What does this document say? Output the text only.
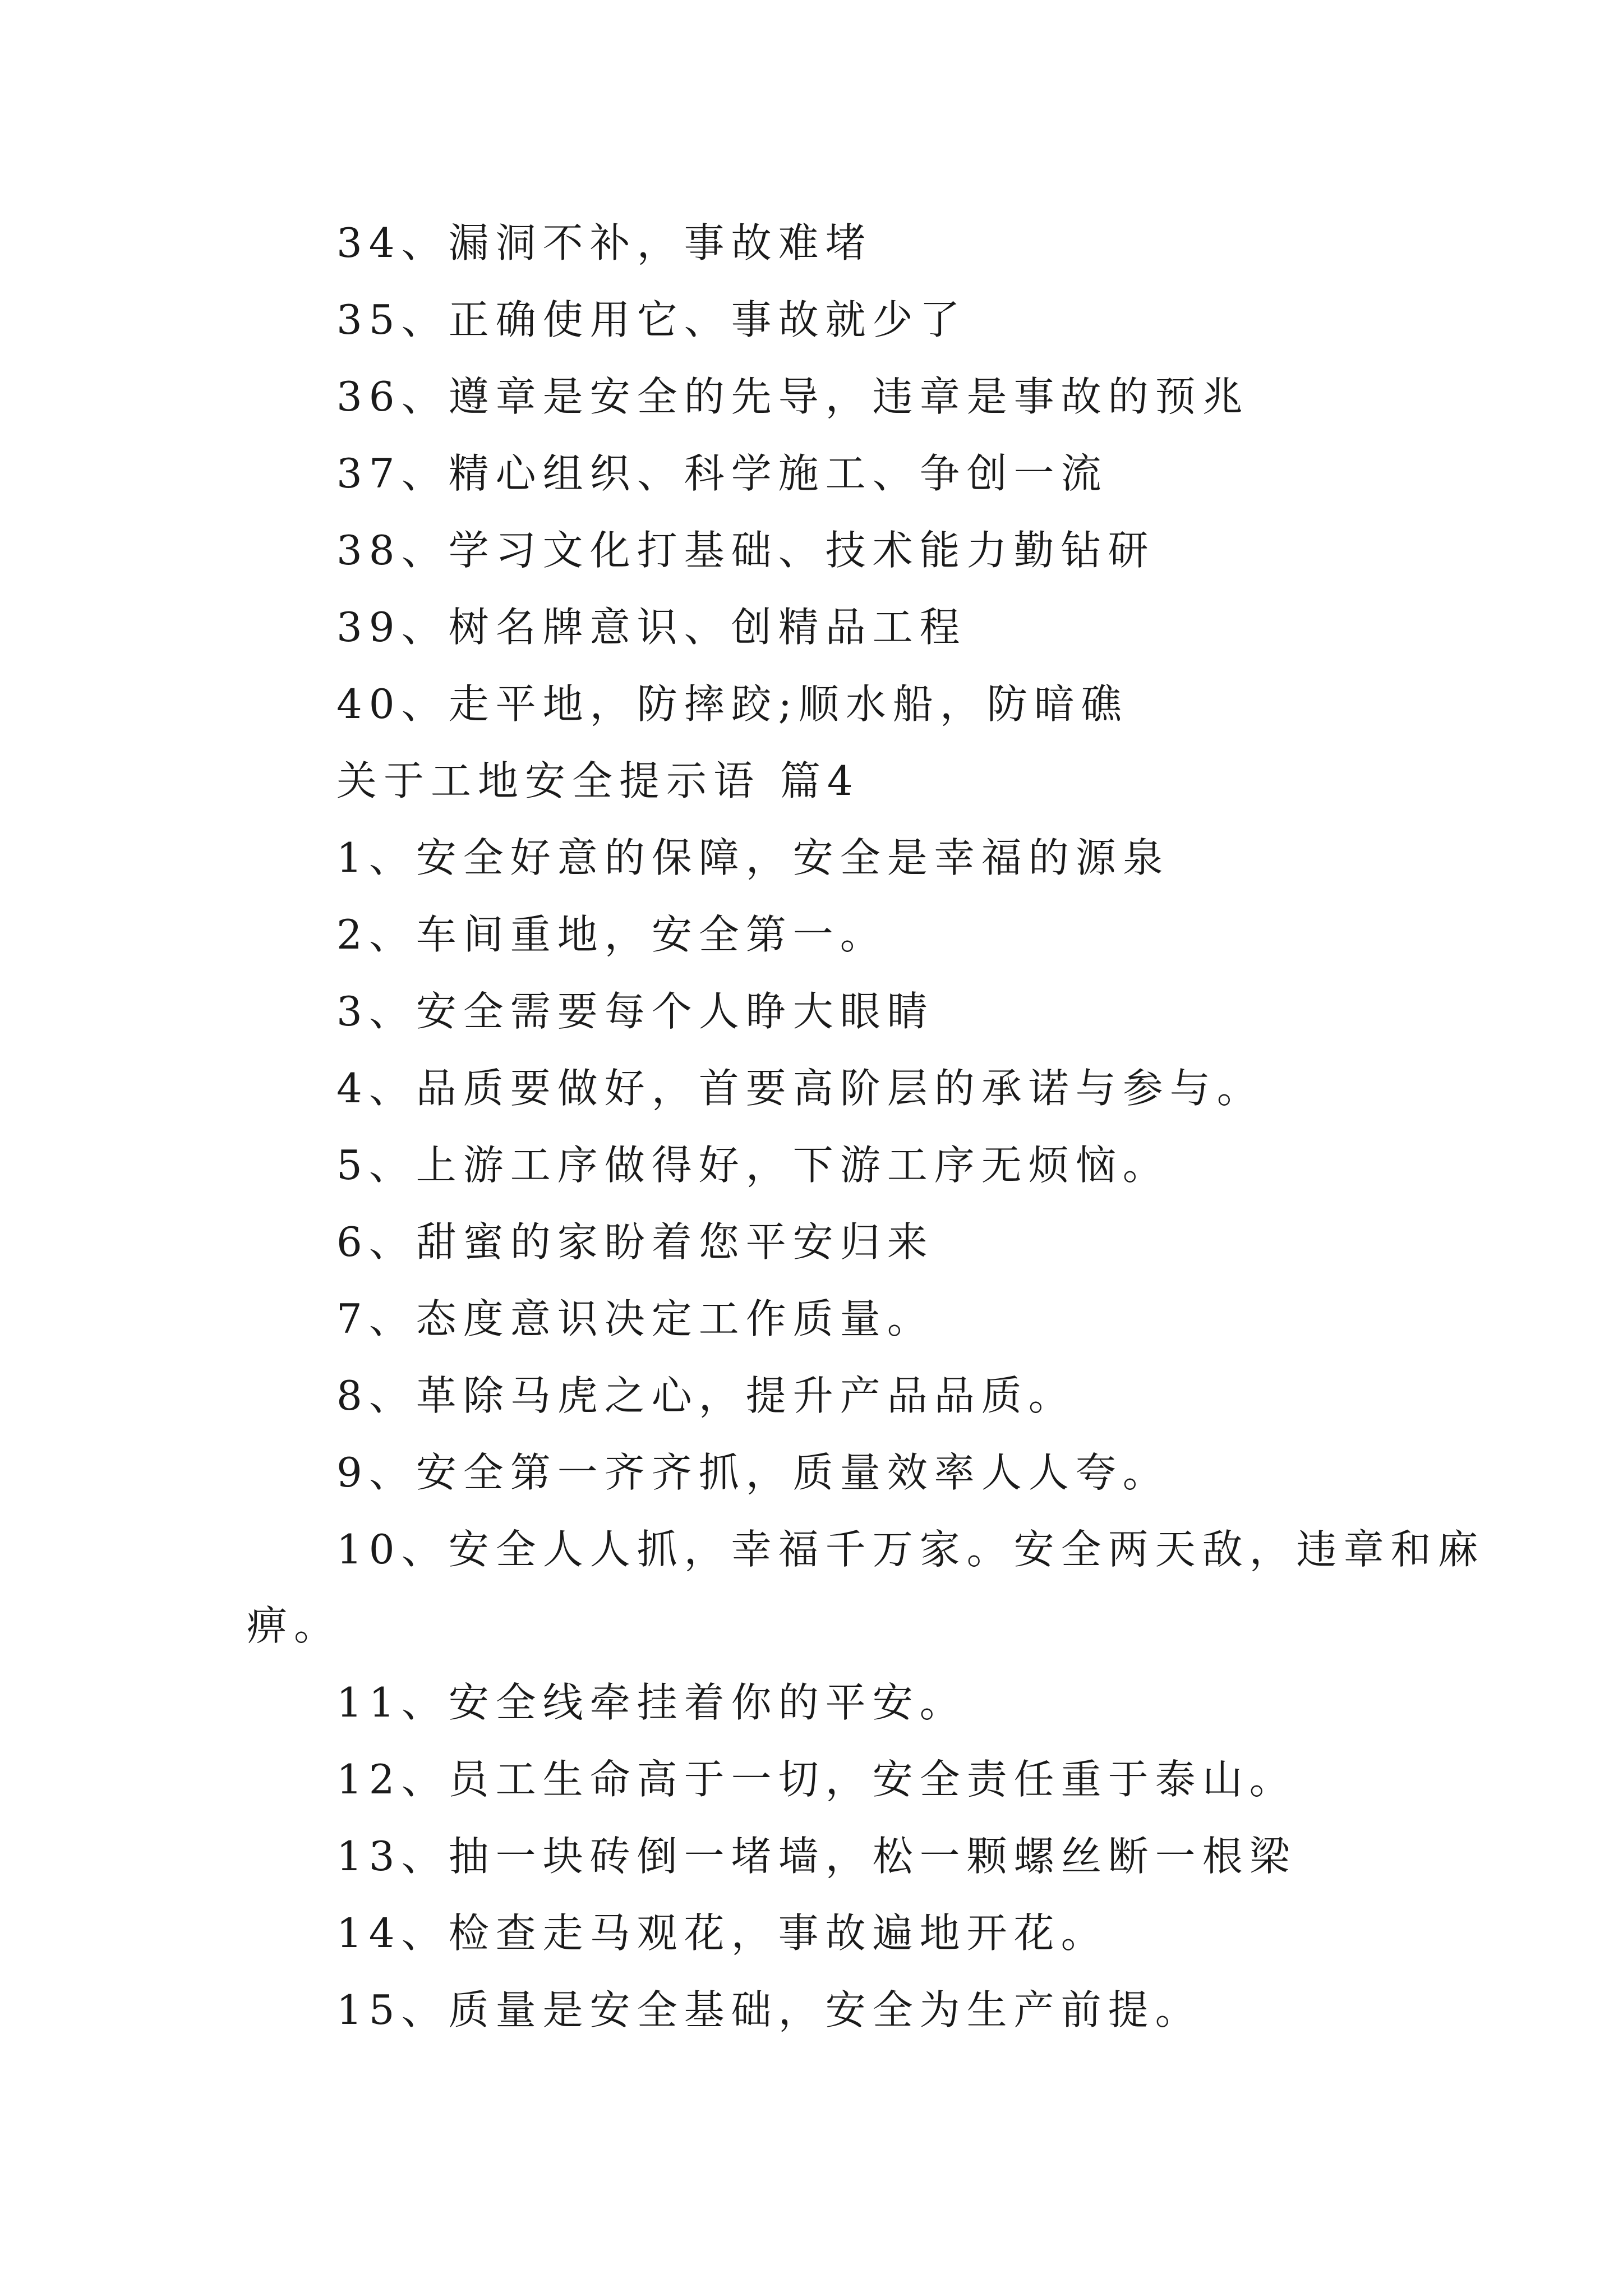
34、漏洞不补，事故难堵
35、正确使用它、事故就少了
36、遵章是安全的先导，违章是事故的预兆
37、精心组织、科学施工、争创一流
38、学习文化打基础、技术能力勤钻研
39、树名牌意识、创精品工程
40、走平地，防摔跤;顺水船，防暗礁
关于工地安全提示语 篇4
1、安全好意的保障，安全是幸福的源泉
2、车间重地，安全第一。
3、安全需要每个人睁大眼睛
4、品质要做好，首要高阶层的承诺与参与。
5、上游工序做得好，下游工序无烦恼。
6、甜蜜的家盼着您平安归来
7、态度意识决定工作质量。
8、革除马虎之心，提升产品品质。
9、安全第一齐齐抓，质量效率人人夸。
10、安全人人抓，幸福千万家。安全两天敌，违章和麻
痹。
11、安全线牵挂着你的平安。
12、员工生命高于一切，安全责任重于泰山。
13、抽一块砖倒一堵墙，松一颗螺丝断一根梁
14、检查走马观花，事故遍地开花。
15、质量是安全基础，安全为生产前提。
